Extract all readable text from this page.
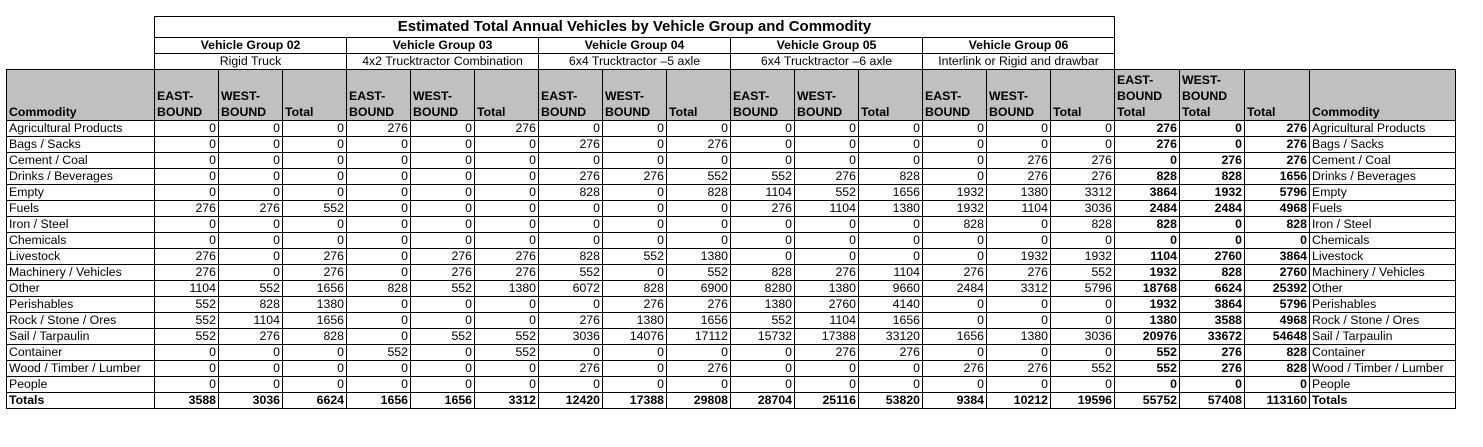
	Estimated Total Annual Vehicles by Vehicle Group and Commodity																		
	Vehicle Group 02			Vehicle Group 03			Vehicle Group 04			Vehicle Group 05			Vehicle Group 06						
	Rigid Truck			4x2 Trucktractor Combination			6x4 Trucktractor –5 axle			6x4 Trucktractor –6 axle			Interlink or Rigid and drawbar						
Commodity	EAST-BOUND	WEST-BOUND	Total	EAST-BOUND	WEST-BOUND	Total	EAST-BOUND	WEST-BOUND	Total	EAST-BOUND	WEST-BOUND	Total	EAST-BOUND	WEST-BOUND	Total	EAST-BOUND Total	WEST-BOUND Total	Total	Commodity
Agricultural Products	0	0	0	276	0	276	0	0	0	0	0	0	0	0	0	276	0	276	Agricultural Products
Bags / Sacks	0	0	0	0	0	0	276	0	276	0	0	0	0	0	0	276	0	276	Bags / Sacks
Cement / Coal	0	0	0	0	0	0	0	0	0	0	0	0	0	276	276	0	276	276	Cement / Coal
Drinks / Beverages	0	0	0	0	0	0	276	276	552	552	276	828	0	276	276	828	828	1656	Drinks / Beverages
Empty	0	0	0	0	0	0	828	0	828	1104	552	1656	1932	1380	3312	3864	1932	5796	Empty
Fuels	276	276	552	0	0	0	0	0	0	276	1104	1380	1932	1104	3036	2484	2484	4968	Fuels
Iron / Steel	0	0	0	0	0	0	0	0	0	0	0	0	828	0	828	828	0	828	Iron / Steel
Chemicals	0	0	0	0	0	0	0	0	0	0	0	0	0	0	0	0	0	0	Chemicals
Livestock	276	0	276	0	276	276	828	552	1380	0	0	0	0	1932	1932	1104	2760	3864	Livestock
Machinery / Vehicles	276	0	276	0	276	276	552	0	552	828	276	1104	276	276	552	1932	828	2760	Machinery / Vehicles
Other	1104	552	1656	828	552	1380	6072	828	6900	8280	1380	9660	2484	3312	5796	18768	6624	25392	Other
Perishables	552	828	1380	0	0	0	0	276	276	1380	2760	4140	0	0	0	1932	3864	5796	Perishables
Rock / Stone / Ores	552	1104	1656	0	0	0	276	1380	1656	552	1104	1656	0	0	0	1380	3588	4968	Rock / Stone / Ores
Sail / Tarpaulin	552	276	828	0	552	552	3036	14076	17112	15732	17388	33120	1656	1380	3036	20976	33672	54648	Sail / Tarpaulin
Container	0	0	0	552	0	552	0	0	0	0	276	276	0	0	0	552	276	828	Container
Wood / Timber / Lumber	0	0	0	0	0	0	276	0	276	0	0	0	276	276	552	552	276	828	Wood / Timber / Lumber
People	0	0	0	0	0	0	0	0	0	0	0	0	0	0	0	0	0	0	People
Totals	3588	3036	6624	1656	1656	3312	12420	17388	29808	28704	25116	53820	9384	10212	19596	55752	57408	113160	Totals
